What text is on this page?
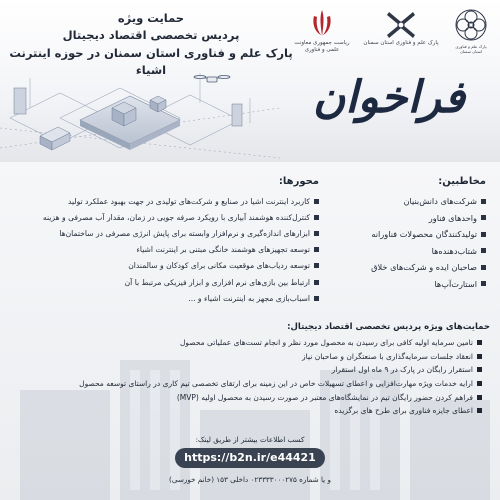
پارک علم و فناوری استان سمنان
پارک علم و فناوری استان سمنان
ریاست جمهوری معاونت علمی و فناوری
حمایت ویژه
پردیس تخصصی اقتصاد دیجیتال
پارک علم و فناوری استان سمنان در حوزه اینترنت اشیاء
فراخوان
مخاطبین:
شرکت‌های دانش‌بنیان
واحدهای فناور
تولیدکنندگان محصولات فناورانه
شتاب‌دهنده‌ها
صاحبان ایده و شرکت‌های خلاق
استارت‌آپ‌ها
محورها:
کاربرد اینترنت اشیا در صنایع و شرکت‌های تولیدی در جهت بهبود عملکرد تولید
کنترل‌کننده هوشمند آبیاری با رویکرد صرفه جویی در زمان، مقدار آب مصرفی و هزینه
ابزارهای اندازه‌گیری و نرم‌افزار وابسته برای پایش انرژی مصرفی در ساختمان‌ها
توسعه تجهیزهای هوشمند خانگی مبتنی بر اینترنت اشیاء
توسعه ردیاب‌های موقعیت مکانی برای کودکان و سالمندان
ارتباط بین بازی‌های نرم افزاری و ابزار فیزیکی مرتبط با آن
اسباب‌بازی مجهز به اینترنت اشیاء و ...
حمایت‌های ویژه پردیس تخصصی اقتصاد دیجیتال:
تامین سرمایه اولیه کافی برای رسیدن به محصول مورد نظر و انجام تست‌های عملیاتی محصول
انعقاد جلسات سرمایه‌گذاری با صنعتگران و صاحبان نیاز
استقرار رایگان در پارک در ۹ ماه اول استقرار
ارایه خدمات ویژه مهارت‌افزایی و اعطای تسهیلات خاص در این زمینه برای ارتقای تخصصی تیم کاری در راستای توسعه محصول
فراهم کردن حضور رایگان تیم در نمایشگاه‌های معتبر در صورت رسیدن به محصول اولیه (MVP)
اعطای جایزه فناوری برای طرح های برگزیده
کسب اطلاعات بیشتر از طریق لینک:
https://b2n.ir/e44421
و یا شماره ۰۲۳۳۳۳۰۰۰۲۷۵ داخلی ۱۵۳ (خانم خورسی)
